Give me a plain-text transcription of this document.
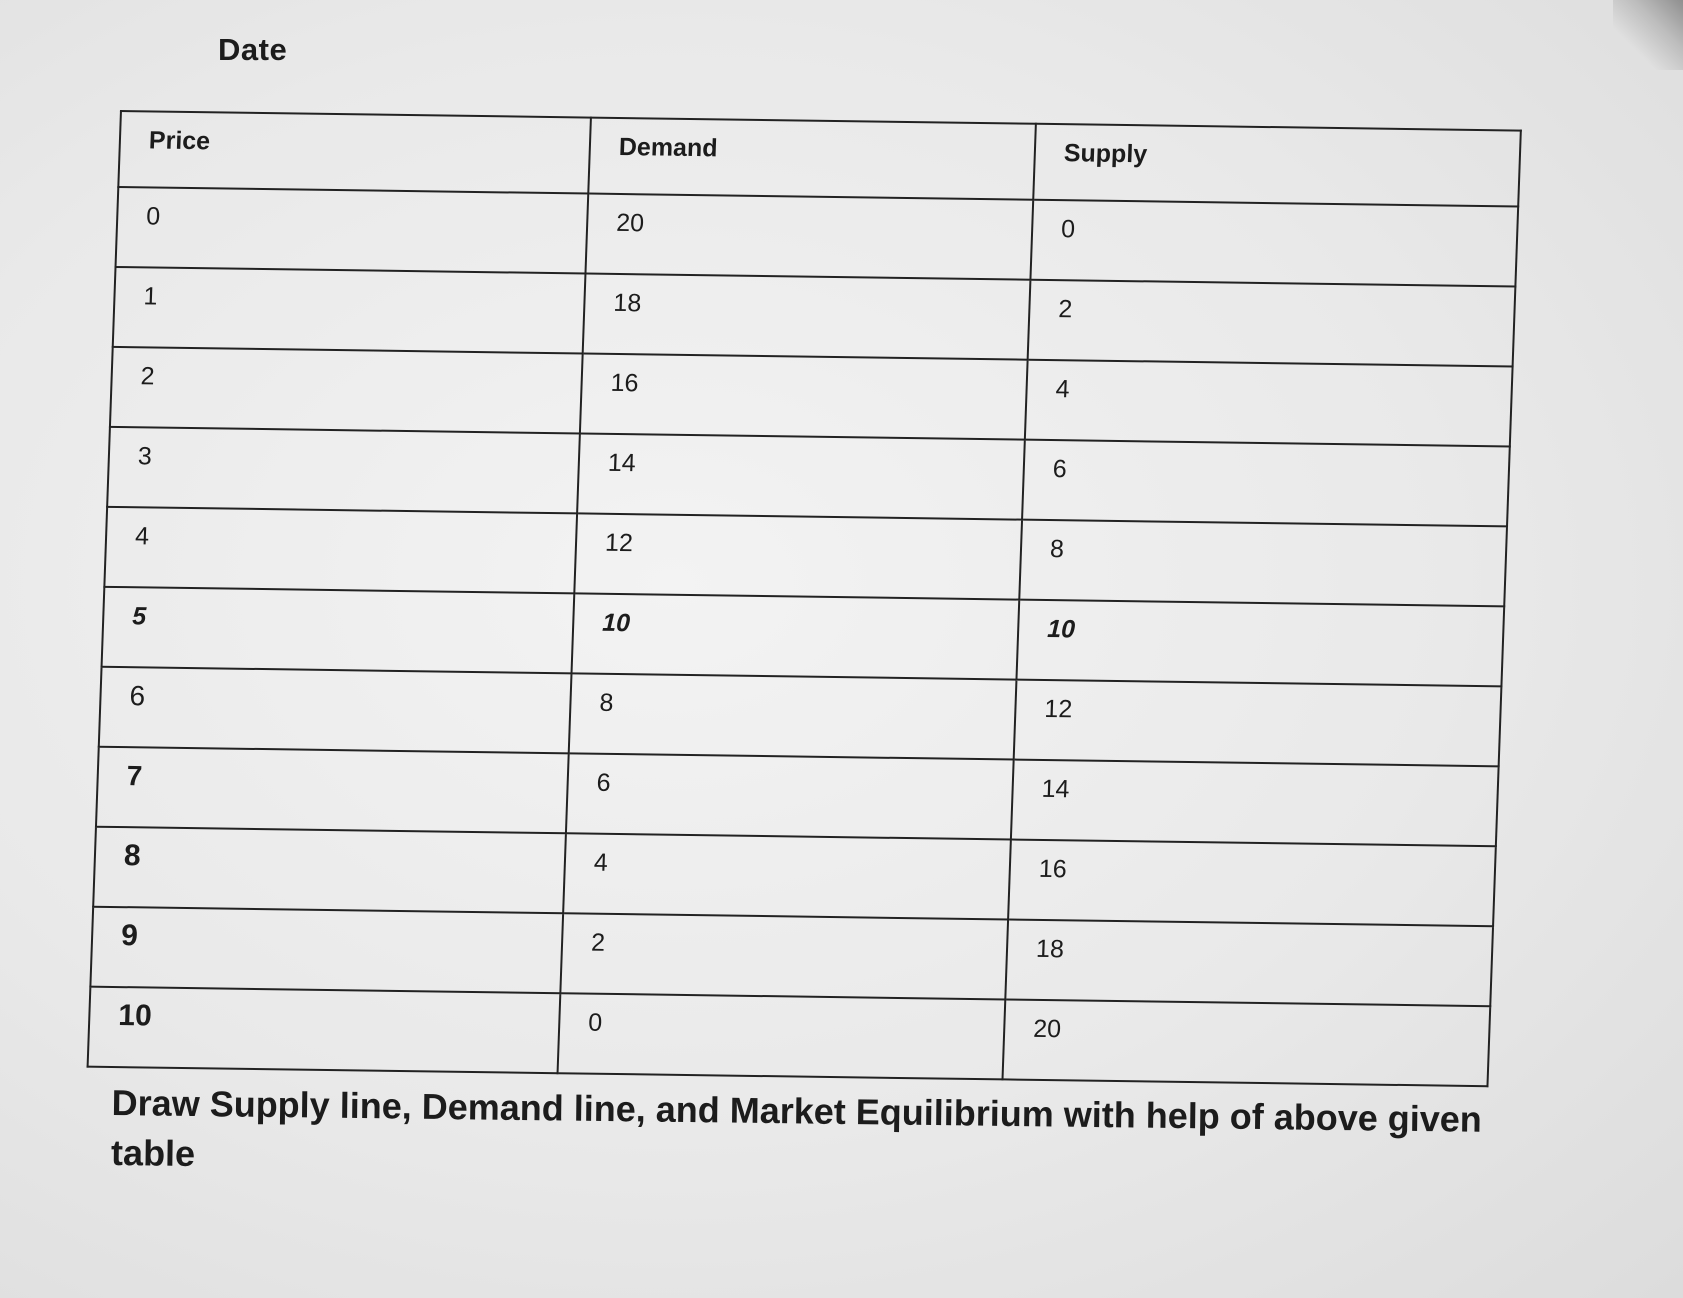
Date
Price	Demand	Supply
0	20	0
1	18	2
2	16	4
3	14	6
4	12	8
5	10	10
6	8	12
7	6	14
8	4	16
9	2	18
10	0	20
Draw Supply line, Demand line, and Market Equilibrium with help of above given table
